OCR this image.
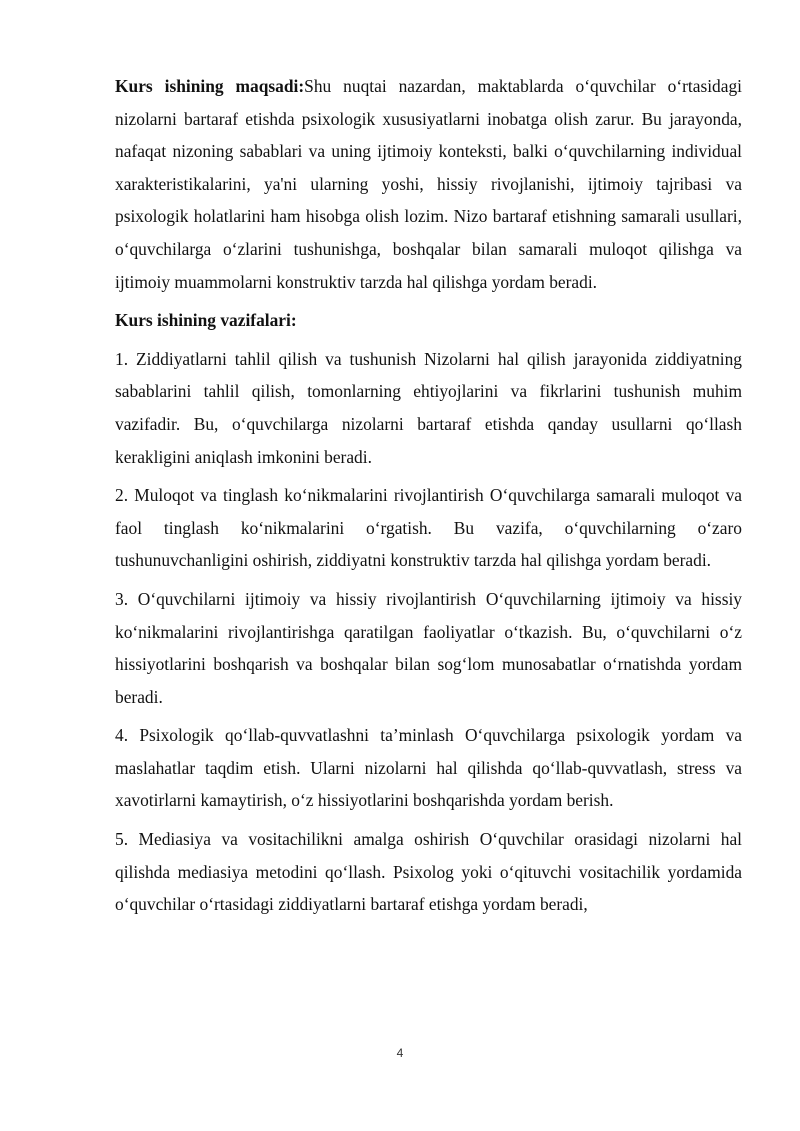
Kurs ishining maqsadi:Shu nuqtai nazardan, maktablarda o‘quvchilar o‘rtasidagi nizolarni bartaraf etishda psixologik xususiyatlarni inobatga olish zarur. Bu jarayonda, nafaqat nizoning sabablari va uning ijtimoiy konteksti, balki o‘quvchilarning individual xarakteristikalarini, ya'ni ularning yoshi, hissiy rivojlanishi, ijtimoiy tajribasi va psixologik holatlarini ham hisobga olish lozim. Nizo bartaraf etishning samarali usullari, o‘quvchilarga o‘zlarini tushunishga, boshqalar bilan samarali muloqot qilishga va ijtimoiy muammolarni konstruktiv tarzda hal qilishga yordam beradi.

Kurs ishining vazifalari:

1. Ziddiyatlarni tahlil qilish va tushunish Nizolarni hal qilish jarayonida ziddiyatning sabablarini tahlil qilish, tomonlarning ehtiyojlarini va fikrlarini tushunish muhim vazifadir. Bu, o‘quvchilarga nizolarni bartaraf etishda qanday usullarni qo‘llash kerakligini aniqlash imkonini beradi.

2. Muloqot va tinglash ko‘nikmalarini rivojlantirish O‘quvchilarga samarali muloqot va faol tinglash ko‘nikmalarini o‘rgatish. Bu vazifa, o‘quvchilarning o‘zaro tushunuvchanligini oshirish, ziddiyatni konstruktiv tarzda hal qilishga yordam beradi.

3. O‘quvchilarni ijtimoiy va hissiy rivojlantirish O‘quvchilarning ijtimoiy va hissiy ko‘nikmalarini rivojlantirishga qaratilgan faoliyatlar o‘tkazish. Bu, o‘quvchilarni o‘z hissiyotlarini boshqarish va boshqalar bilan sog‘lom munosabatlar o‘rnatishda yordam beradi.

4. Psixologik qo‘llab-quvvatlashni ta’minlash O‘quvchilarga psixologik yordam va maslahatlar taqdim etish. Ularni nizolarni hal qilishda qo‘llab-quvvatlash, stress va xavotirlarni kamaytirish, o‘z hissiyotlarini boshqarishda yordam berish.

5. Mediasiya va vositachilikni amalga oshirish O‘quvchilar orasidagi nizolarni hal qilishda mediasiya metodini qo‘llash. Psixolog yoki o‘qituvchi vositachilik yordamida o‘quvchilar o‘rtasidagi ziddiyatlarni bartaraf etishga yordam beradi,

4
